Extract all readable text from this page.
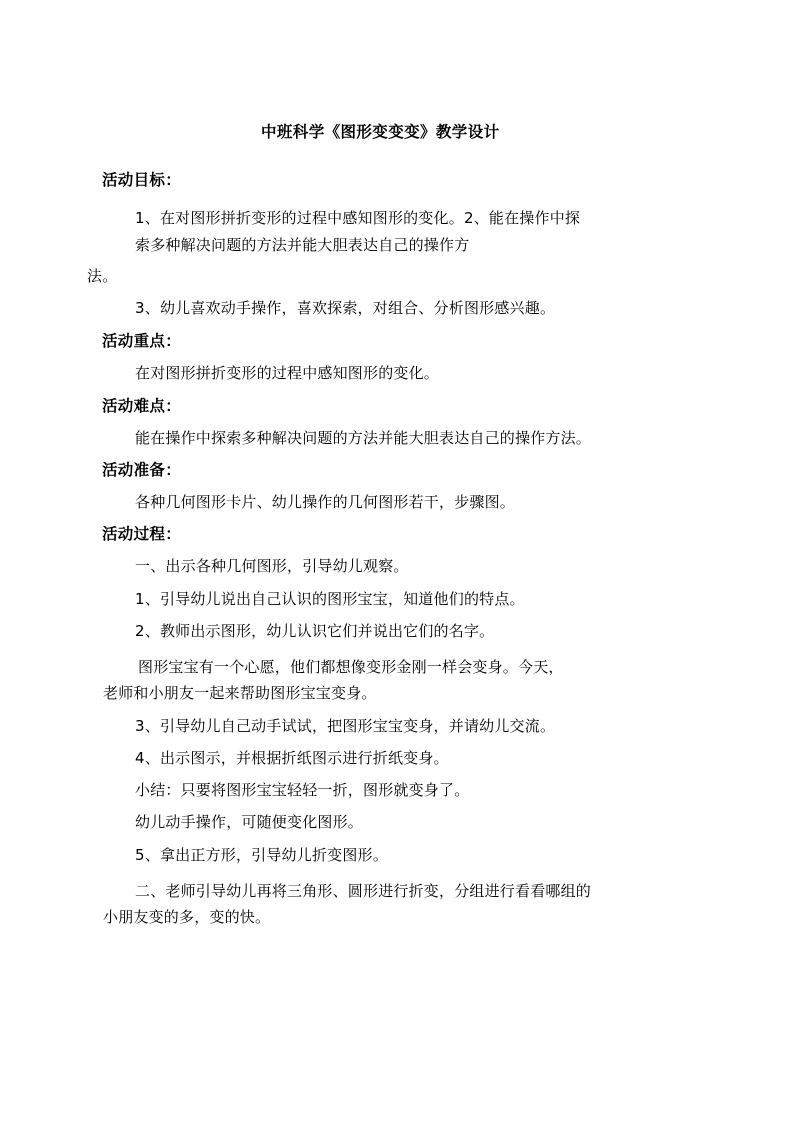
中班科学《图形变变变》教学设计
活动目标：
1、在对图形拼折变形的过程中感知图形的变化。2、能在操作中探
索多种解决问题的方法并能大胆表达自己的操作方
法。
3、幼儿喜欢动手操作，喜欢探索，对组合、分析图形感兴趣。
活动重点：
在对图形拼折变形的过程中感知图形的变化。
活动难点：
能在操作中探索多种解决问题的方法并能大胆表达自己的操作方法。
活动准备：
各种几何图形卡片、幼儿操作的几何图形若干，步骤图。
活动过程：
一、出示各种几何图形，引导幼儿观察。
1、引导幼儿说出自己认识的图形宝宝，知道他们的特点。
2、教师出示图形，幼儿认识它们并说出它们的名字。
图形宝宝有一个心愿，他们都想像变形金刚一样会变身。今天，
老师和小朋友一起来帮助图形宝宝变身。
3、引导幼儿自己动手试试，把图形宝宝变身，并请幼儿交流。
4、出示图示，并根据折纸图示进行折纸变身。
小结：只要将图形宝宝轻轻一折，图形就变身了。
幼儿动手操作，可随便变化图形。
5、拿出正方形，引导幼儿折变图形。
二、老师引导幼儿再将三角形、圆形进行折变，分组进行看看哪组的
小朋友变的多，变的快。
